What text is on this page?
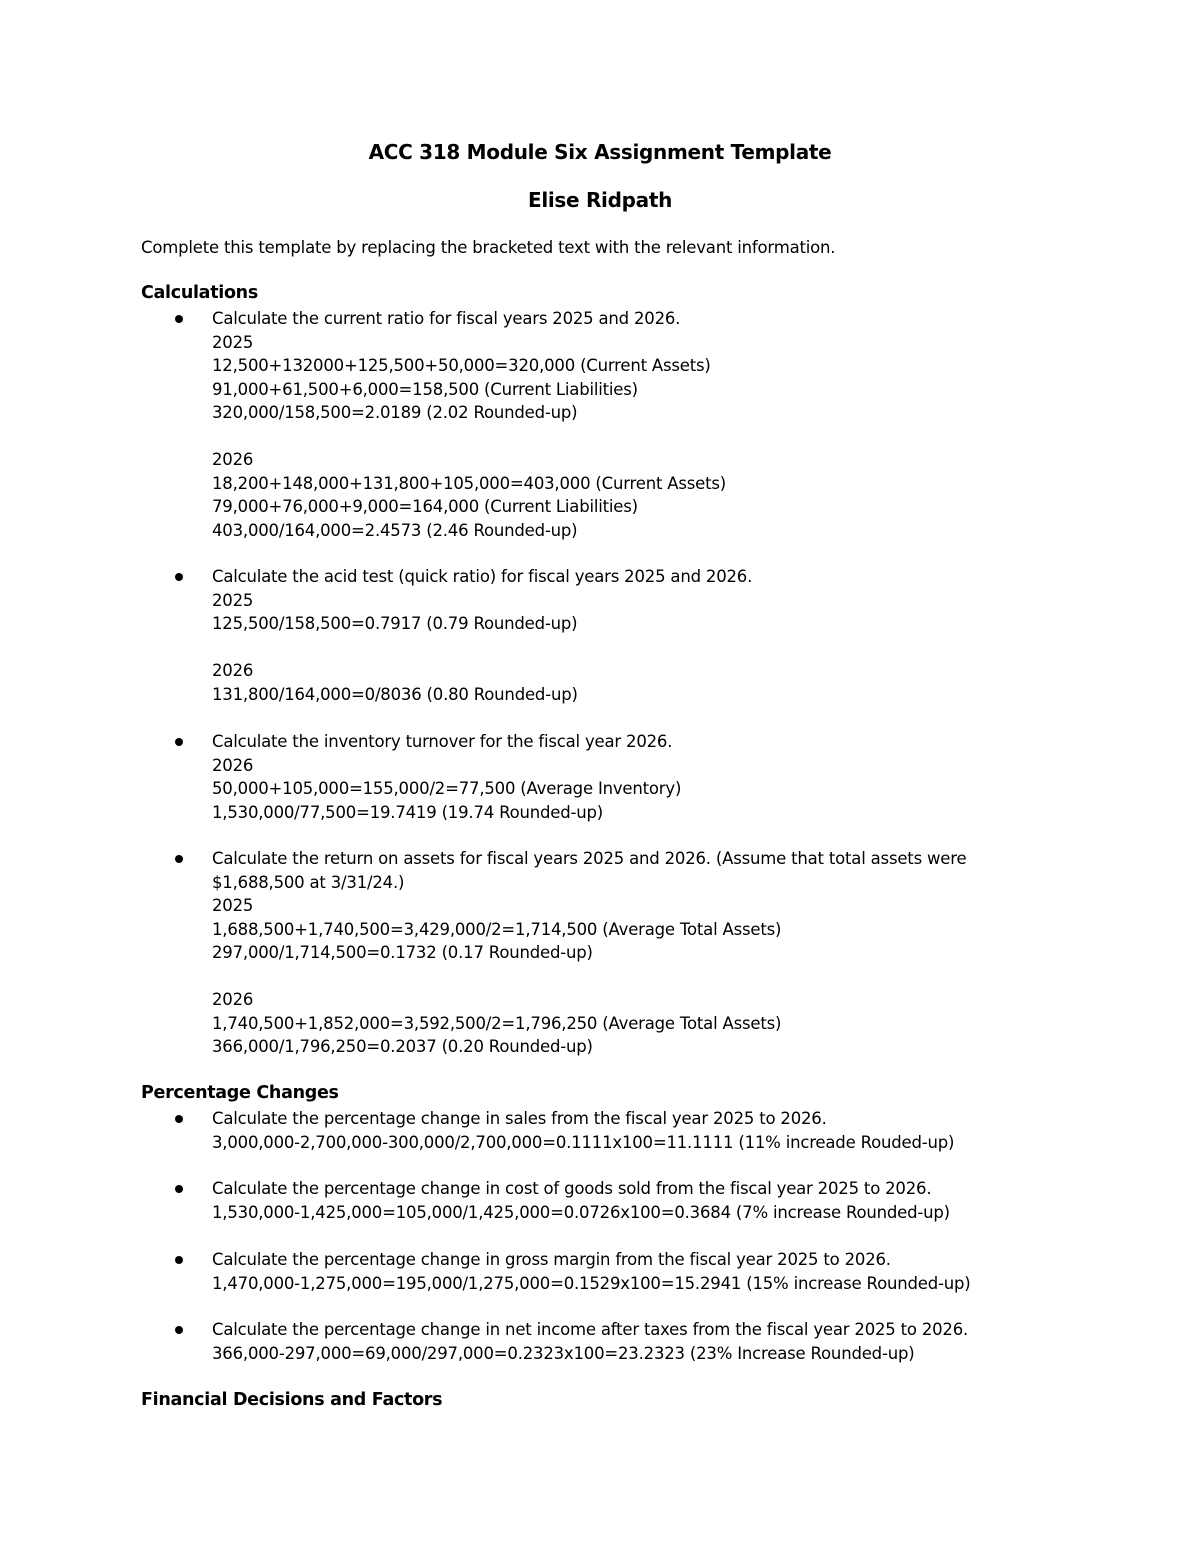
ACC 318 Module Six Assignment Template
Elise Ridpath
Complete this template by replacing the bracketed text with the relevant information.
Calculations
Calculate the current ratio for fiscal years 2025 and 2026.
2025
12,500+132000+125,500+50,000=320,000 (Current Assets)
91,000+61,500+6,000=158,500 (Current Liabilities)
320,000/158,500=2.0189 (2.02 Rounded-up)
2026
18,200+148,000+131,800+105,000=403,000 (Current Assets)
79,000+76,000+9,000=164,000 (Current Liabilities)
403,000/164,000=2.4573 (2.46 Rounded-up)
Calculate the acid test (quick ratio) for fiscal years 2025 and 2026.
2025
125,500/158,500=0.7917 (0.79 Rounded-up)
2026
131,800/164,000=0/8036 (0.80 Rounded-up)
Calculate the inventory turnover for the fiscal year 2026.
2026
50,000+105,000=155,000/2=77,500 (Average Inventory)
1,530,000/77,500=19.7419 (19.74 Rounded-up)
Calculate the return on assets for fiscal years 2025 and 2026. (Assume that total assets were
$1,688,500 at 3/31/24.)
2025
1,688,500+1,740,500=3,429,000/2=1,714,500 (Average Total Assets)
297,000/1,714,500=0.1732 (0.17 Rounded-up)
2026
1,740,500+1,852,000=3,592,500/2=1,796,250 (Average Total Assets)
366,000/1,796,250=0.2037 (0.20 Rounded-up)
Percentage Changes
Calculate the percentage change in sales from the fiscal year 2025 to 2026.
3,000,000-2,700,000-300,000/2,700,000=0.1111x100=11.1111 (11% increade Rouded-up)
Calculate the percentage change in cost of goods sold from the fiscal year 2025 to 2026.
1,530,000-1,425,000=105,000/1,425,000=0.0726x100=0.3684 (7% increase Rounded-up)
Calculate the percentage change in gross margin from the fiscal year 2025 to 2026.
1,470,000-1,275,000=195,000/1,275,000=0.1529x100=15.2941 (15% increase Rounded-up)
Calculate the percentage change in net income after taxes from the fiscal year 2025 to 2026.
366,000-297,000=69,000/297,000=0.2323x100=23.2323 (23% Increase Rounded-up)
Financial Decisions and Factors
